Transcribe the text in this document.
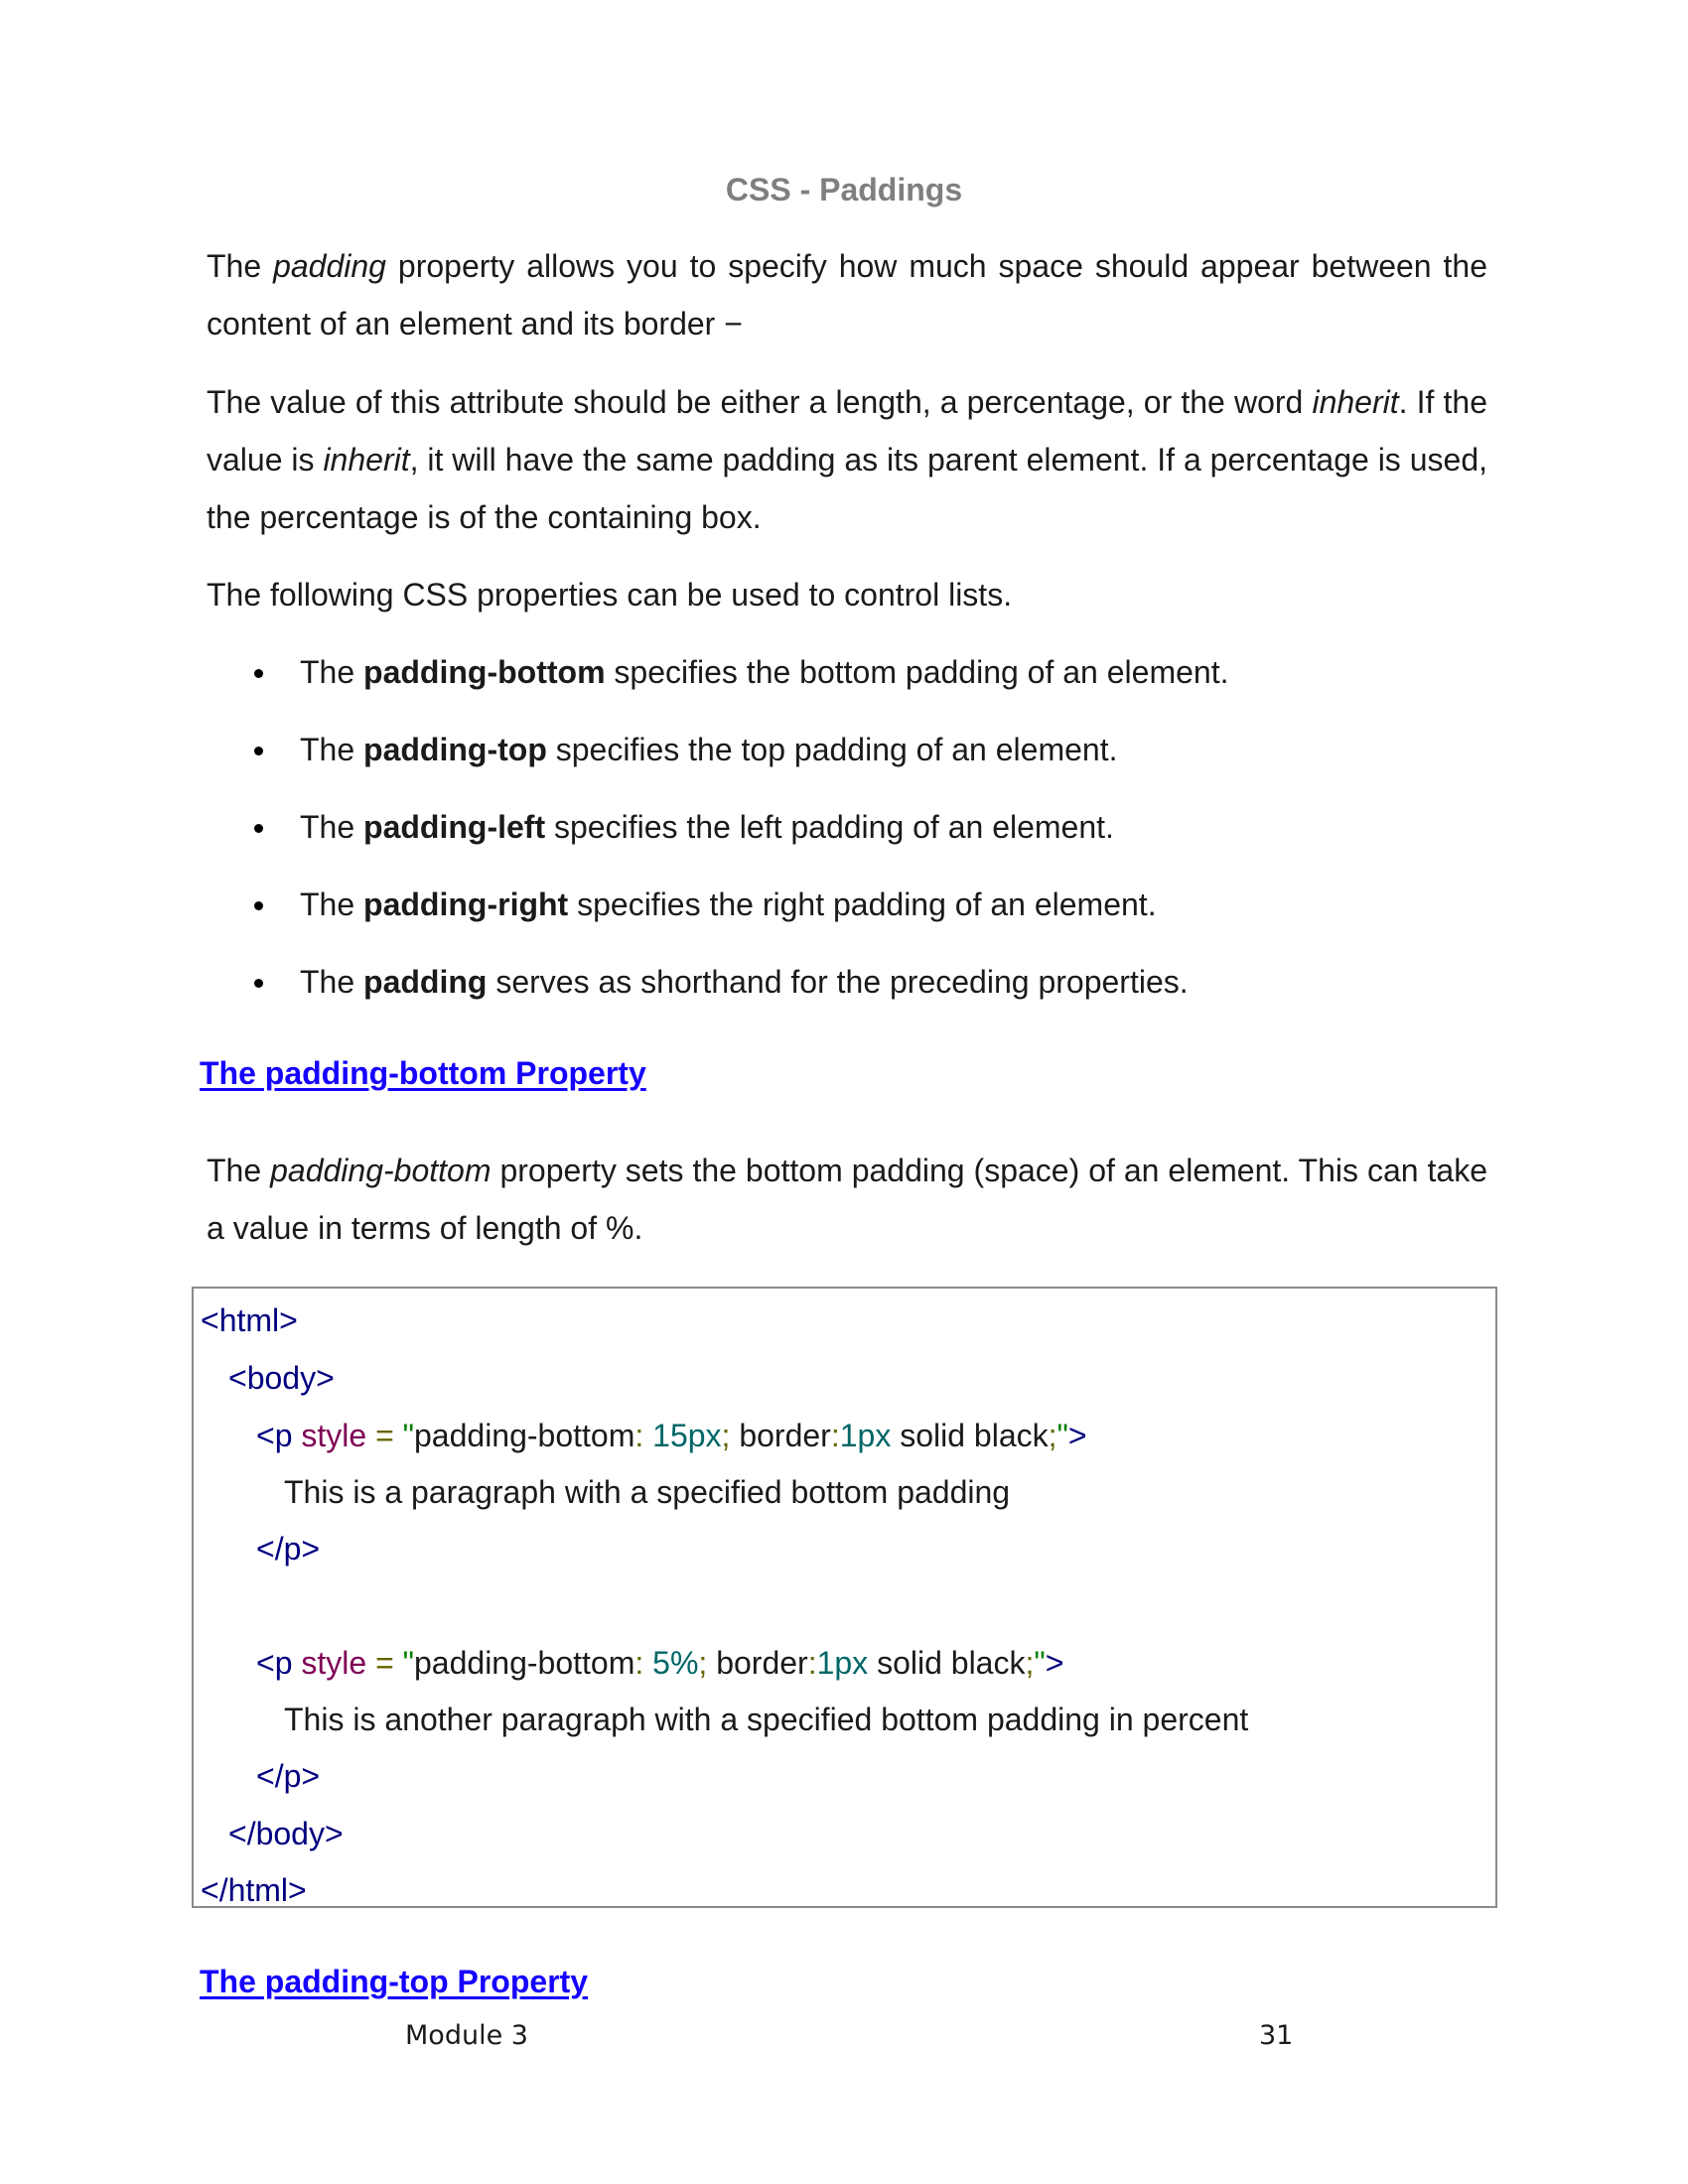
CSS - Paddings

The padding property allows you to specify how much space should appear between the content of an element and its border −

The value of this attribute should be either a length, a percentage, or the word inherit. If the value is inherit, it will have the same padding as its parent element. If a percentage is used, the percentage is of the containing box.

The following CSS properties can be used to control lists.

The padding-bottom specifies the bottom padding of an element.
The padding-top specifies the top padding of an element.
The padding-left specifies the left padding of an element.
The padding-right specifies the right padding of an element.
The padding serves as shorthand for the preceding properties.
The padding-bottom Property

The padding-bottom property sets the bottom padding (space) of an element. This can take a value in terms of length of %.

<html>
<body>
<p style = "padding-bottom: 15px; border:1px solid black;">
This is a paragraph with a specified bottom padding
</p>
<p style = "padding-bottom: 5%; border:1px solid black;">
This is another paragraph with a specified bottom padding in percent
</p>
</body>
</html>
The padding-top Property
Module 3	31
